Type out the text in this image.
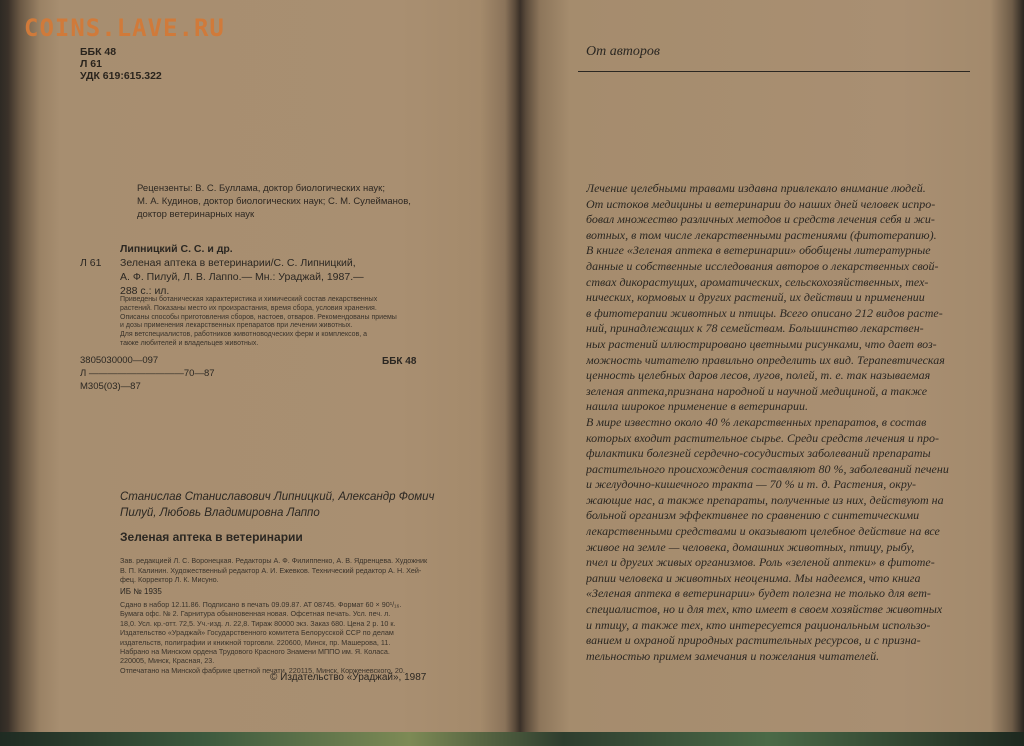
COINS.LAVE.RU
ББК 48
Л 61
УДК 619:615.322

Рецензенты: В. С. Буллама, доктор биологических наук;

М. А. Кудинов, доктор биологических наук; С. М. Сулейманов,

доктор ветеринарных наук

Липницкий С. С. и др.
Л 61	Зеленая аптека в ветеринарии/С. С. Липницкий,
А. Ф. Пилуй, Л. В. Лаппо.— Мн.: Ураджай, 1987.—
288 с.: ил.
Приведены ботаническая характеристика и химический состав лекарственных
растений. Показаны место их произрастания, время сбора, условия хранения.
Описаны способы приготовления сборов, настоев, отваров. Рекомендованы приемы
и дозы применения лекарственных препаратов при лечении животных.
Для ветспециалистов, работников животноводческих ферм и комплексов, а
также любителей и владельцев животных.
3805030000—097
Л ——————————70—87
М305(03)—87
ББК 48
Станислав Станиславович Липницкий, Александр Фомич
Пилуй, Любовь Владимировна Лаппо
Зеленая аптека в ветеринарии
Зав. редакцией Л. С. Воронецкая. Редакторы А. Ф. Филиппенко, А. В. Ядренцева. Художник
В. П. Калинин. Художественный редактор А. И. Ежевков. Технический редактор А. Н. Хей-
фец. Корректор Л. К. Мисуно.
ИБ № 1935
Сдано в набор 12.11.86. Подписано в печать 09.09.87. АТ 08745. Формат 60 × 90¹/₁₆.
Бумага офс. № 2. Гарнитура обыкновенная новая. Офсетная печать. Усл. печ. л.
18,0. Усл. кр.-отт. 72,5. Уч.-изд. л. 22,8. Тираж 80000 экз. Заказ 680. Цена 2 р. 10 к.
Издательство «Ураджай» Государственного комитета Белорусской ССР по делам
издательств, полиграфии и книжной торговли. 220600, Минск, пр. Машерова, 11.
Набрано на Минском ордена Трудового Красного Знамени МППО им. Я. Коласа.
220005, Минск, Красная, 23.
Отпечатано на Минской фабрике цветной печати. 220115, Минск, Корженевского, 20.
© Издательство «Ураджай», 1987
От авторов
Лечение целебными травами издавна привлекало внимание людей.
От истоков медицины и ветеринарии до наших дней человек испро-
бовал множество различных методов и средств лечения себя и жи-
вотных, в том числе лекарственными растениями (фитотерапию).
В книге «Зеленая аптека в ветеринарии» обобщены литературные
данные и собственные исследования авторов о лекарственных свой-
ствах дикорастущих, ароматических, сельскохозяйственных, тех-
нических, кормовых и других растений, их действии и применении
в фитотерапии животных и птицы. Всего описано 212 видов расте-
ний, принадлежащих к 78 семействам. Большинство лекарствен-
ных растений иллюстрировано цветными рисунками, что дает воз-
можность читателю правильно определить их вид. Терапевтическая
ценность целебных даров лесов, лугов, полей, т. е. так называемая
зеленая аптека,признана народной и научной медициной, а также
нашла широкое применение в ветеринарии.
В мире известно около 40 % лекарственных препаратов, в состав
которых входит растительное сырье. Среди средств лечения и про-
филактики болезней сердечно-сосудистых заболеваний препараты
растительного происхождения составляют 80 %, заболеваний печени
и желудочно-кишечного тракта — 70 % и т. д. Растения, окру-
жающие нас, а также препараты, полученные из них, действуют на
больной организм эффективнее по сравнению с синтетическими
лекарственными средствами и оказывают целебное действие на все
живое на земле — человека, домашних животных, птицу, рыбу,
пчел и других живых организмов. Роль «зеленой аптеки» в фитоте-
рапии человека и животных неоценима. Мы надеемся, что книга
«Зеленая аптека в ветеринарии» будет полезна не только для вет-
специалистов, но и для тех, кто имеет в своем хозяйстве животных
и птицу, а также тех, кто интересуется рациональным использо-
ванием и охраной природных растительных ресурсов, и с призна-
тельностью примем замечания и пожелания читателей.
